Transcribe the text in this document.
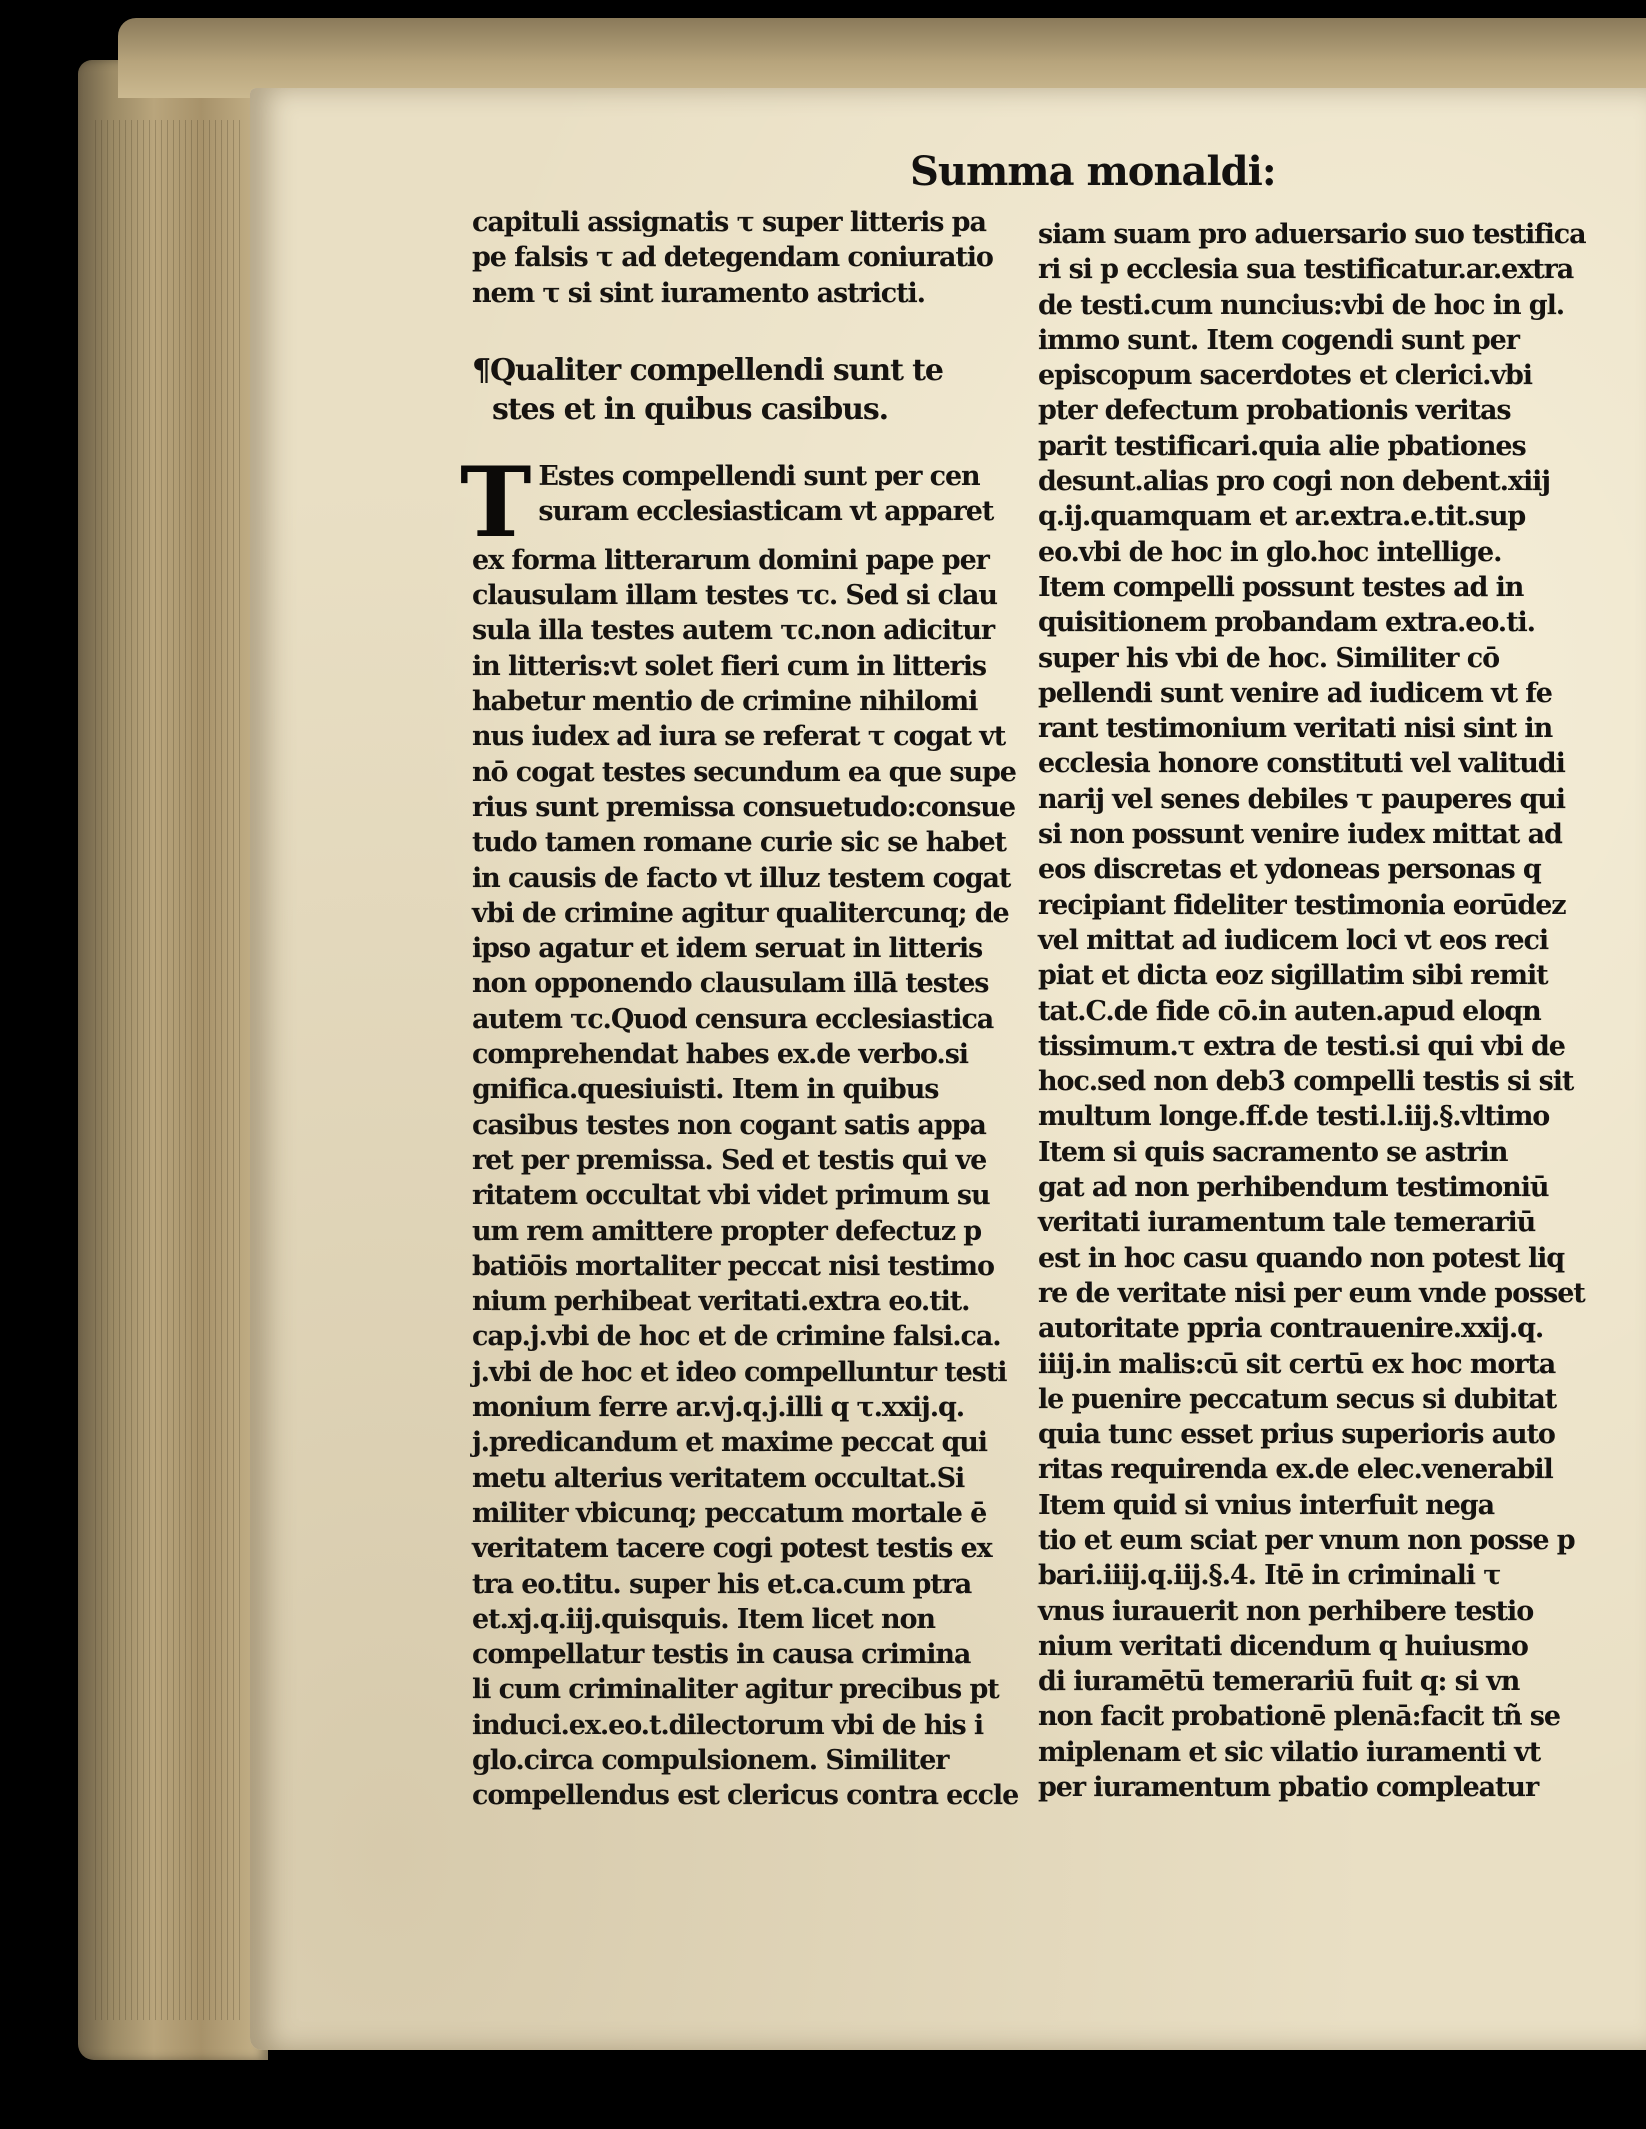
Summa monaldi:
capituli assignatis τ super litteris pa
pe falsis τ ad detegendam coniuratio
nem τ si sint iuramento astricti.
¶Qualiter compellendi sunt te
stes et in quibus casibus.
T Estes compellendi sunt per cen
suram ecclesiasticam vt apparet
ex forma litterarum domini pape per
clausulam illam testes τc. Sed si clau
sula illa testes autem τc.non adicitur
in litteris:vt solet fieri cum in litteris
habetur mentio de crimine nihilomi
nus iudex ad iura se referat τ cogat vt
nō cogat testes secundum ea que supe
rius sunt premissa consuetudo:consue
tudo tamen romane curie sic se habet
in causis de facto vt illuz testem cogat
vbi de crimine agitur qualitercunq; de
ipso agatur et idem seruat in litteris
non opponendo clausulam illā testes
autem τc.Quod censura ecclesiastica
comprehendat habes ex.de verbo.si
gnifica.quesiuisti. Item in quibus
casibus testes non cogant satis appa
ret per premissa. Sed et testis qui ve
ritatem occultat vbi videt primum su
um rem amittere propter defectuz p
batiōis mortaliter peccat nisi testimo
nium perhibeat veritati.extra eo.tit.
cap.j.vbi de hoc et de crimine falsi.ca.
j.vbi de hoc et ideo compelluntur testi
monium ferre ar.vj.q.j.illi q τ.xxij.q.
j.predicandum et maxime peccat qui
metu alterius veritatem occultat.Si
militer vbicunq; peccatum mortale ē
veritatem tacere cogi potest testis ex
tra eo.titu. super his et.ca.cum ptra
et.xj.q.iij.quisquis. Item licet non
compellatur testis in causa crimina
li cum criminaliter agitur precibus pt
induci.ex.eo.t.dilectorum vbi de his i
glo.circa compulsionem. Similiter
compellendus est clericus contra eccle
siam suam pro aduersario suo testifica
ri si p ecclesia sua testificatur.ar.extra
de testi.cum nuncius:vbi de hoc in gl.
immo sunt. Item cogendi sunt per
episcopum sacerdotes et clerici.vbi
pter defectum probationis veritas
parit testificari.quia alie pbationes
desunt.alias pro cogi non debent.xiij
q.ij.quamquam et ar.extra.e.tit.sup
eo.vbi de hoc in glo.hoc intellige.
Item compelli possunt testes ad in
quisitionem probandam extra.eo.ti.
super his vbi de hoc. Similiter cō
pellendi sunt venire ad iudicem vt fe
rant testimonium veritati nisi sint in
ecclesia honore constituti vel valitudi
narij vel senes debiles τ pauperes qui
si non possunt venire iudex mittat ad
eos discretas et ydoneas personas q
recipiant fideliter testimonia eorūdez
vel mittat ad iudicem loci vt eos reci
piat et dicta eoz sigillatim sibi remit
tat.C.de fide cō.in auten.apud eloqn
tissimum.τ extra de testi.si qui vbi de
hoc.sed non deb3 compelli testis si sit
multum longe.ff.de testi.l.iij.§.vltimo
Item si quis sacramento se astrin
gat ad non perhibendum testimoniū
veritati iuramentum tale temerariū
est in hoc casu quando non potest liq
re de veritate nisi per eum vnde posset
autoritate ppria contrauenire.xxij.q.
iiij.in malis:cū sit certū ex hoc morta
le puenire peccatum secus si dubitat
quia tunc esset prius superioris auto
ritas requirenda ex.de elec.venerabil
Item quid si vnius interfuit nega
tio et eum sciat per vnum non posse p
bari.iiij.q.iij.§.4. Itē in criminali τ
vnus iurauerit non perhibere testio
nium veritati dicendum q huiusmo
di iuramētū temerariū fuit q: si vn
non facit probationē plenā:facit tñ se
miplenam et sic vilatio iuramenti vt
per iuramentum pbatio compleatur
